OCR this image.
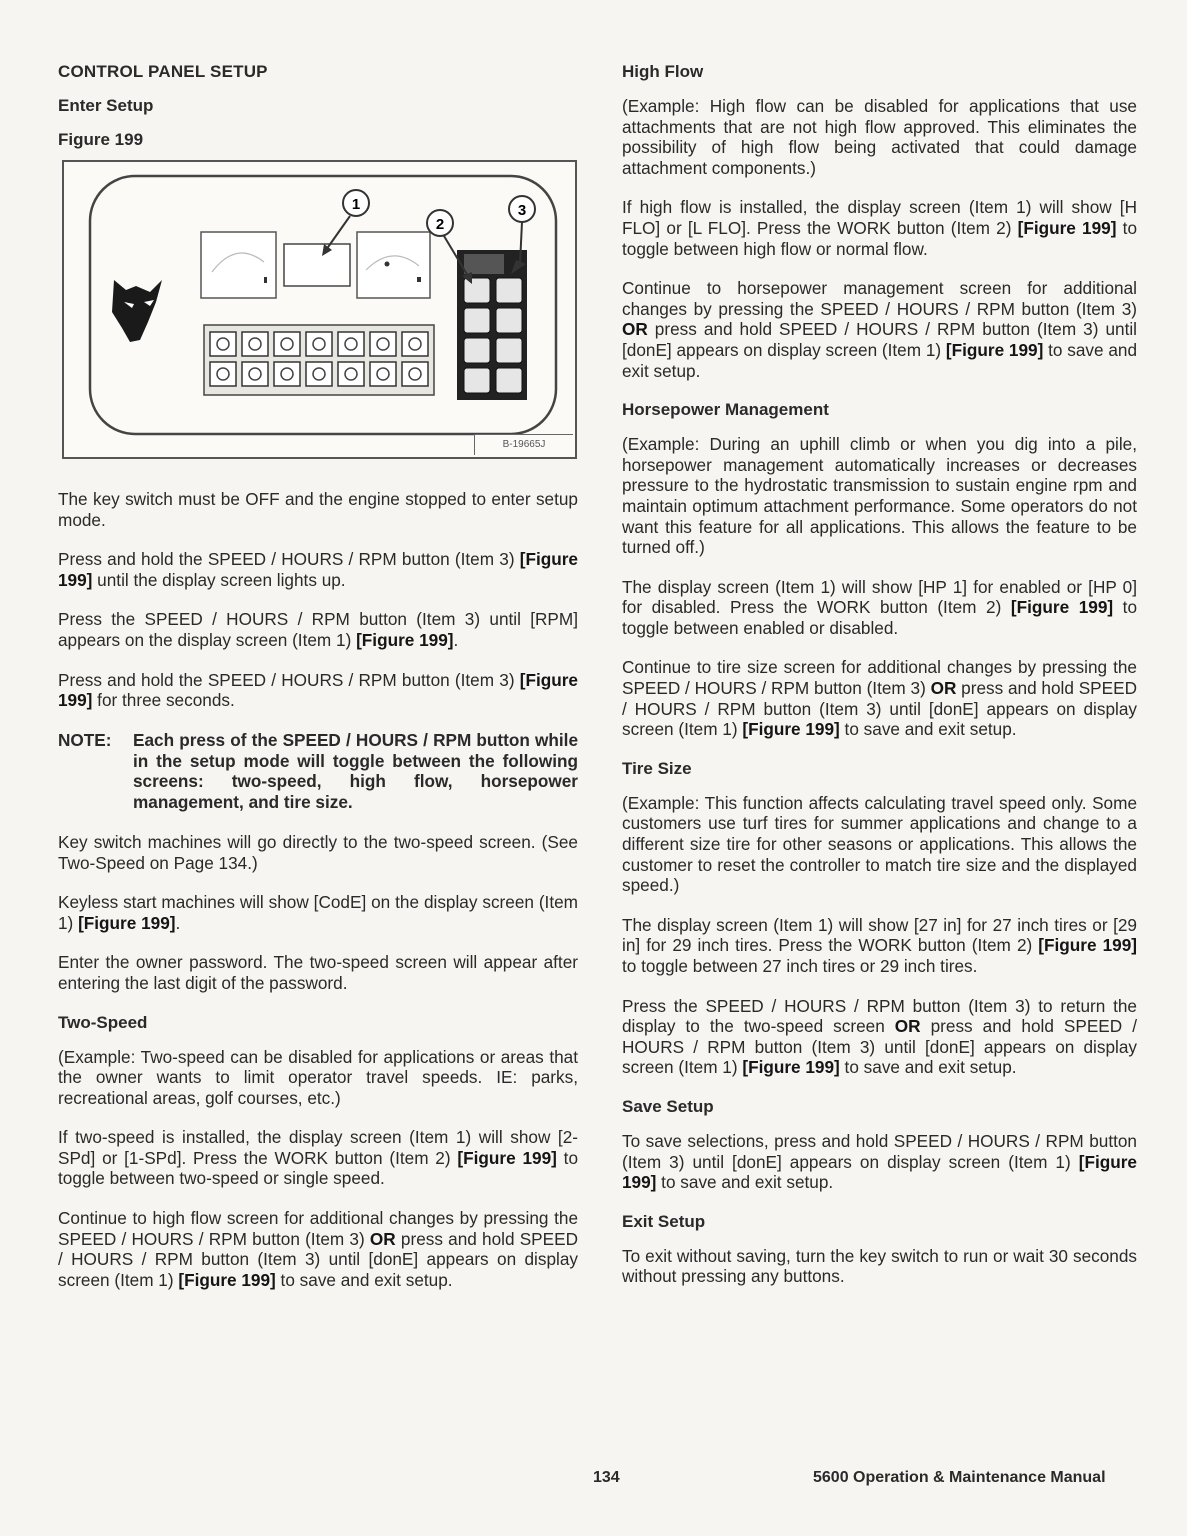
CONTROL PANEL SETUP
Enter Setup
Figure 199
1
2
3
B-19665J

The key switch must be OFF and the engine stopped to enter setup mode.

Press and hold the SPEED / HOURS / RPM button (Item 3) [Figure 199] until the display screen lights up.

Press the SPEED / HOURS / RPM button (Item 3) until [RPM] appears on the display screen (Item 1) [Figure 199].

Press and hold the SPEED / HOURS / RPM button (Item 3) [Figure 199] for three seconds.

NOTE:	Each press of the SPEED / HOURS / RPM button while in the setup mode will toggle between the following screens: two-speed, high flow, horsepower management, and tire size.

Key switch machines will go directly to the two-speed screen. (See Two-Speed on Page 134.)

Keyless start machines will show [CodE] on the display screen (Item 1) [Figure 199].

Enter the owner password. The two-speed screen will appear after entering the last digit of the password.

Two-Speed

(Example: Two-speed can be disabled for applications or areas that the owner wants to limit operator travel speeds. IE: parks, recreational areas, golf courses, etc.)

If two-speed is installed, the display screen (Item 1) will show [2-SPd] or [1-SPd]. Press the WORK button (Item 2) [Figure 199] to toggle between two-speed or single speed.

Continue to high flow screen for additional changes by pressing the SPEED / HOURS / RPM button (Item 3) OR press and hold SPEED / HOURS / RPM button (Item 3) until [donE] appears on display screen (Item 1) [Figure 199] to save and exit setup.

High Flow

(Example: High flow can be disabled for applications that use attachments that are not high flow approved. This eliminates the possibility of high flow being activated that could damage attachment components.)

If high flow is installed, the display screen (Item 1) will show [H FLO] or [L FLO]. Press the WORK button (Item 2) [Figure 199] to toggle between high flow or normal flow.

Continue to horsepower management screen for additional changes by pressing the SPEED / HOURS / RPM button (Item 3) OR press and hold SPEED / HOURS / RPM button (Item 3) until [donE] appears on display screen (Item 1) [Figure 199] to save and exit setup.

Horsepower Management

(Example: During an uphill climb or when you dig into a pile, horsepower management automatically increases or decreases pressure to the hydrostatic transmission to sustain engine rpm and maintain optimum attachment performance. Some operators do not want this feature for all applications. This allows the feature to be turned off.)

The display screen (Item 1) will show [HP 1] for enabled or [HP 0] for disabled. Press the WORK button (Item 2) [Figure 199] to toggle between enabled or disabled.

Continue to tire size screen for additional changes by pressing the SPEED / HOURS / RPM button (Item 3) OR press and hold SPEED / HOURS / RPM button (Item 3) until [donE] appears on display screen (Item 1) [Figure 199] to save and exit setup.

Tire Size

(Example: This function affects calculating travel speed only. Some customers use turf tires for summer applications and change to a different size tire for other seasons or applications. This allows the customer to reset the controller to match tire size and the displayed speed.)

The display screen (Item 1) will show [27 in] for 27 inch tires or [29 in] for 29 inch tires. Press the WORK button (Item 2) [Figure 199] to toggle between 27 inch tires or 29 inch tires.

Press the SPEED / HOURS / RPM button (Item 3) to return the display to the two-speed screen OR press and hold SPEED / HOURS / RPM button (Item 3) until [donE] appears on display screen (Item 1) [Figure 199] to save and exit setup.

Save Setup

To save selections, press and hold SPEED / HOURS / RPM button (Item 3) until [donE] appears on display screen (Item 1) [Figure 199] to save and exit setup.

Exit Setup

To exit without saving, turn the key switch to run or wait 30 seconds without pressing any buttons.

134	5600 Operation & Maintenance Manual
